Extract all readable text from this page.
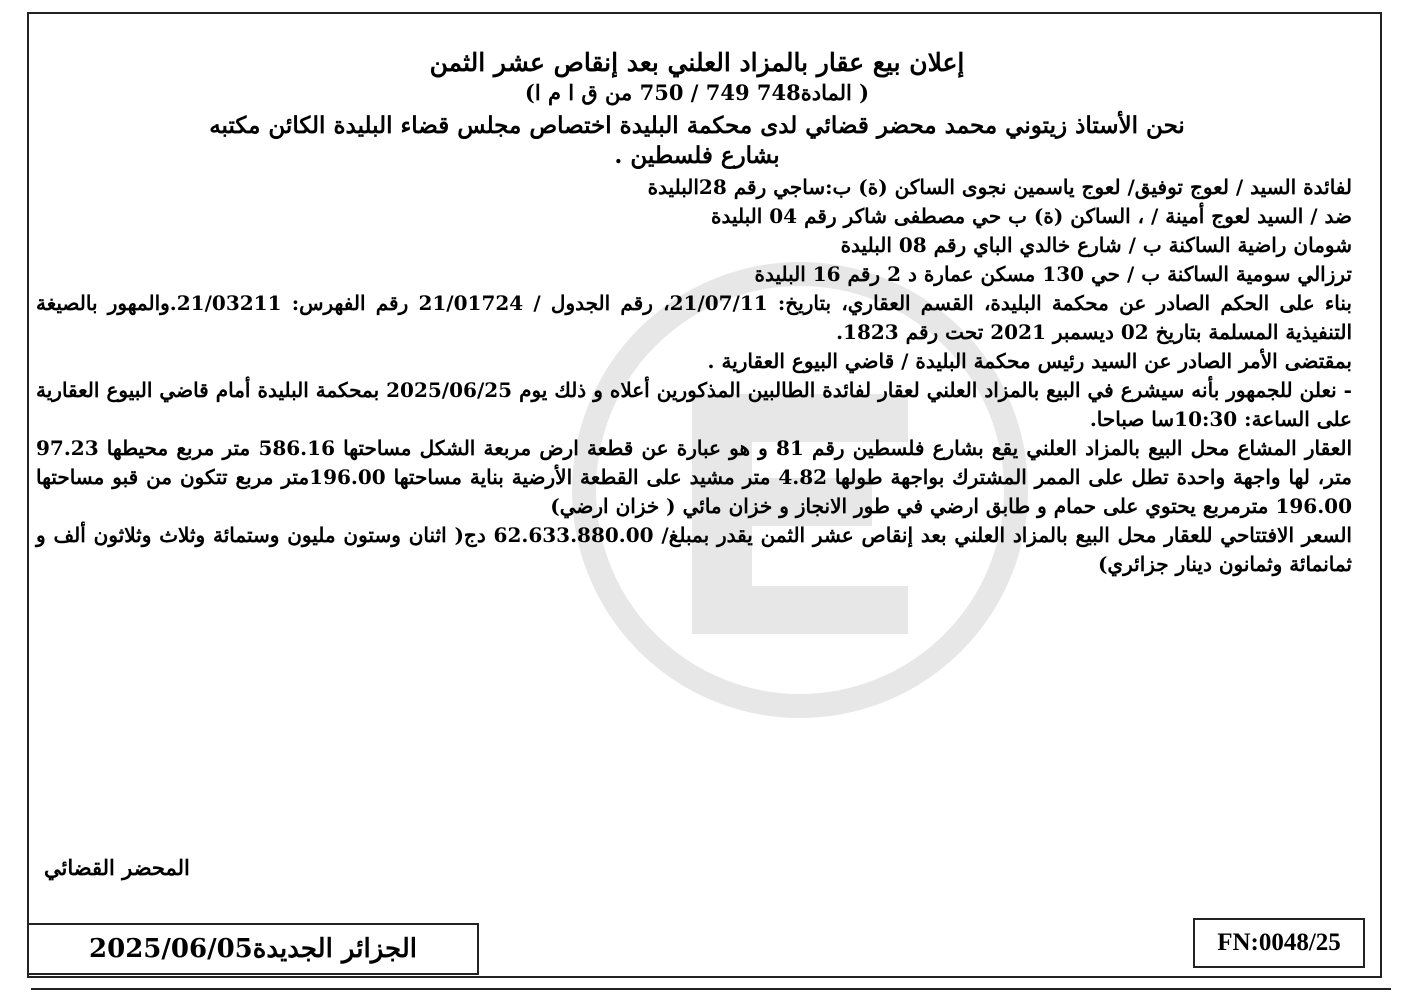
إعلان بيع عقار بالمزاد العلني بعد إنقاص عشر الثمن

( المادة748 749 / 750 من ق ا م ا)

نحن الأستاذ زيتوني محمد محضر قضائي لدى محكمة البليدة اختصاص مجلس قضاء البليدة الكائن مكتبه
بشارع فلسطين .

لفائدة السيد / لعوج توفيق/ لعوج ياسمين نجوى الساكن (ة) ب:ساجي رقم 28البليدة

ضد / السيد لعوج أمينة / ، الساكن (ة) ب حي مصطفى شاكر رقم 04 البليدة

شومان راضية الساكنة ب / شارع خالدي الباي رقم 08 البليدة

ترزالي سومية الساكنة ب / حي 130 مسكن عمارة د 2 رقم 16 البليدة

بناء على الحكم الصادر عن محكمة البليدة، القسم العقاري، بتاريخ: 21/07/11، رقم الجدول / 21/01724 رقم الفهرس: 21/03211.والمهور بالصيغة التنفيذية المسلمة بتاريخ 02 ديسمبر 2021 تحت رقم 1823.

بمقتضى الأمر الصادر عن السيد رئيس محكمة البليدة / قاضي البيوع العقارية .

- نعلن للجمهور بأنه سيشرع في البيع بالمزاد العلني لعقار لفائدة الطالبين المذكورين أعلاه و ذلك يوم 2025/06/25 بمحكمة البليدة أمام قاضي البيوع العقارية على الساعة: 10:30سا صباحا.

العقار المشاع محل البيع بالمزاد العلني يقع بشارع فلسطين رقم 81 و هو عبارة عن قطعة ارض مربعة الشكل مساحتها 586.16 متر مربع محيطها 97.23 متر، لها واجهة واحدة تطل على الممر المشترك بواجهة طولها 4.82 متر مشيد على القطعة الأرضية بناية مساحتها 196.00متر مربع تتكون من قبو مساحتها 196.00 مترمربع يحتوي على حمام و طابق ارضي في طور الانجاز و خزان مائي ( خزان ارضي)

السعر الافتتاحي للعقار محل البيع بالمزاد العلني بعد إنقاص عشر الثمن يقدر بمبلغ/ 62.633.880.00 دج( اثنان وستون مليون وستمائة وثلاث وثلاثون ألف و ثمانمائة وثمانون دينار جزائري)

المحضر القضائي
الجزائر الجديدة2025/06/05	FN:0048/25
